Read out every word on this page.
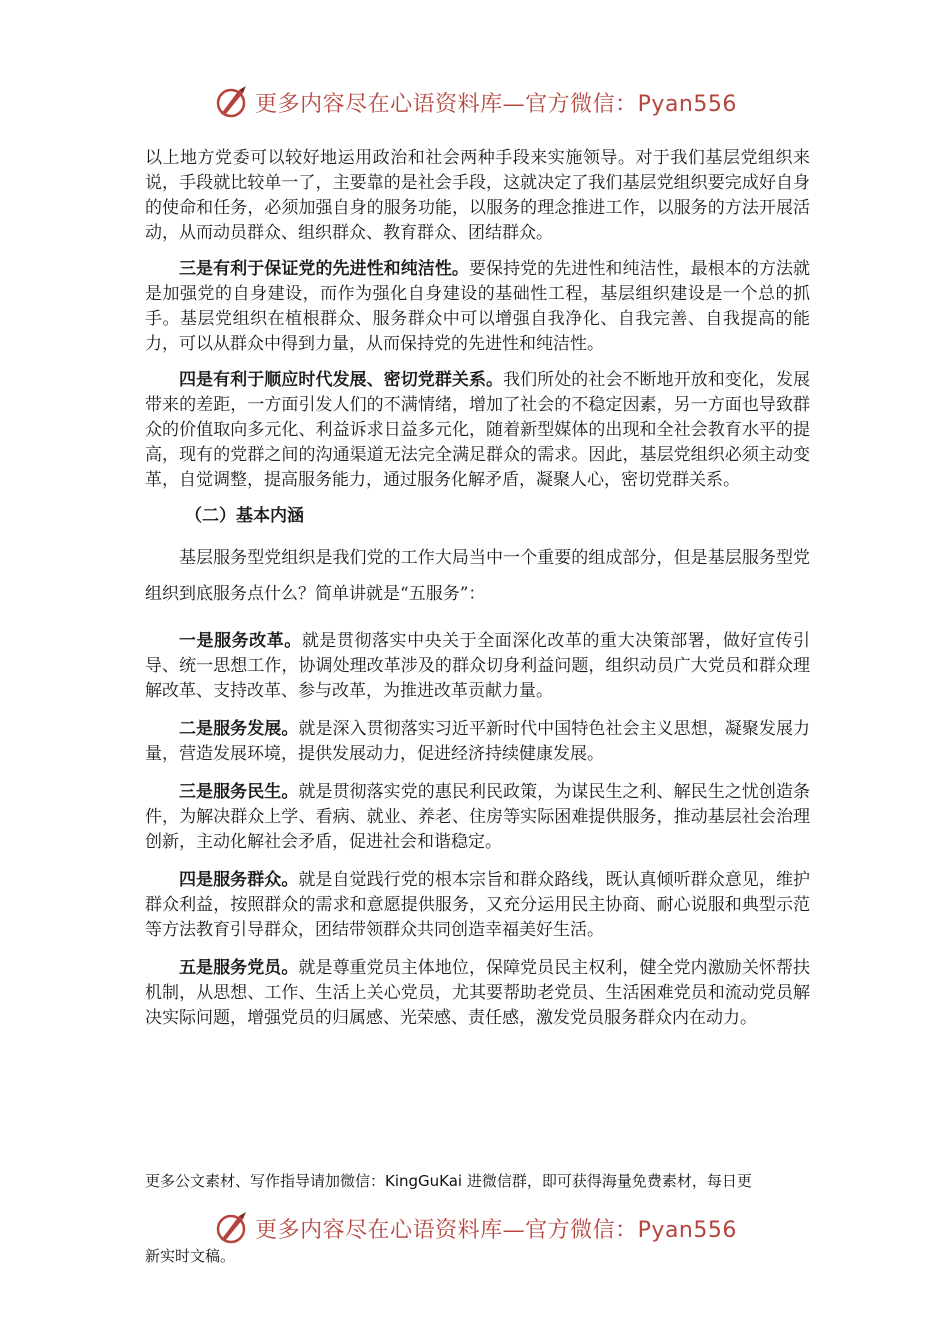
更多内容尽在心语资料库—官方微信：Pyan556

以上地方党委可以较好地运用政治和社会两种手段来实施领导。对于我们基层党组织来说，手段就比较单一了，主要靠的是社会手段，这就决定了我们基层党组织要完成好自身的使命和任务，必须加强自身的服务功能，以服务的理念推进工作，以服务的方法开展活动，从而动员群众、组织群众、教育群众、团结群众。

三是有利于保证党的先进性和纯洁性。要保持党的先进性和纯洁性，最根本的方法就是加强党的自身建设，而作为强化自身建设的基础性工程，基层组织建设是一个总的抓手。基层党组织在植根群众、服务群众中可以增强自我净化、自我完善、自我提高的能力，可以从群众中得到力量，从而保持党的先进性和纯洁性。

四是有利于顺应时代发展、密切党群关系。我们所处的社会不断地开放和变化，发展带来的差距，一方面引发人们的不满情绪，增加了社会的不稳定因素，另一方面也导致群众的价值取向多元化、利益诉求日益多元化，随着新型媒体的出现和全社会教育水平的提高，现有的党群之间的沟通渠道无法完全满足群众的需求。因此，基层党组织必须主动变革，自觉调整，提高服务能力，通过服务化解矛盾，凝聚人心，密切党群关系。

（二）基本内涵

基层服务型党组织是我们党的工作大局当中一个重要的组成部分，但是基层服务型党组织到底服务点什么？简单讲就是“五服务”：

一是服务改革。就是贯彻落实中央关于全面深化改革的重大决策部署，做好宣传引导、统一思想工作，协调处理改革涉及的群众切身利益问题，组织动员广大党员和群众理解改革、支持改革、参与改革，为推进改革贡献力量。

二是服务发展。就是深入贯彻落实习近平新时代中国特色社会主义思想，凝聚发展力量，营造发展环境，提供发展动力，促进经济持续健康发展。

三是服务民生。就是贯彻落实党的惠民利民政策，为谋民生之利、解民生之忧创造条件，为解决群众上学、看病、就业、养老、住房等实际困难提供服务，推动基层社会治理创新，主动化解社会矛盾，促进社会和谐稳定。

四是服务群众。就是自觉践行党的根本宗旨和群众路线，既认真倾听群众意见，维护群众利益，按照群众的需求和意愿提供服务，又充分运用民主协商、耐心说服和典型示范等方法教育引导群众，团结带领群众共同创造幸福美好生活。

五是服务党员。就是尊重党员主体地位，保障党员民主权利，健全党内激励关怀帮扶机制，从思想、工作、生活上关心党员，尤其要帮助老党员、生活困难党员和流动党员解决实际问题，增强党员的归属感、光荣感、责任感，激发党员服务群众内在动力。

更多公文素材、写作指导请加微信：KingGuKai 进微信群，即可获得海量免费素材，每日更
更多内容尽在心语资料库—官方微信：Pyan556
新实时文稿。
